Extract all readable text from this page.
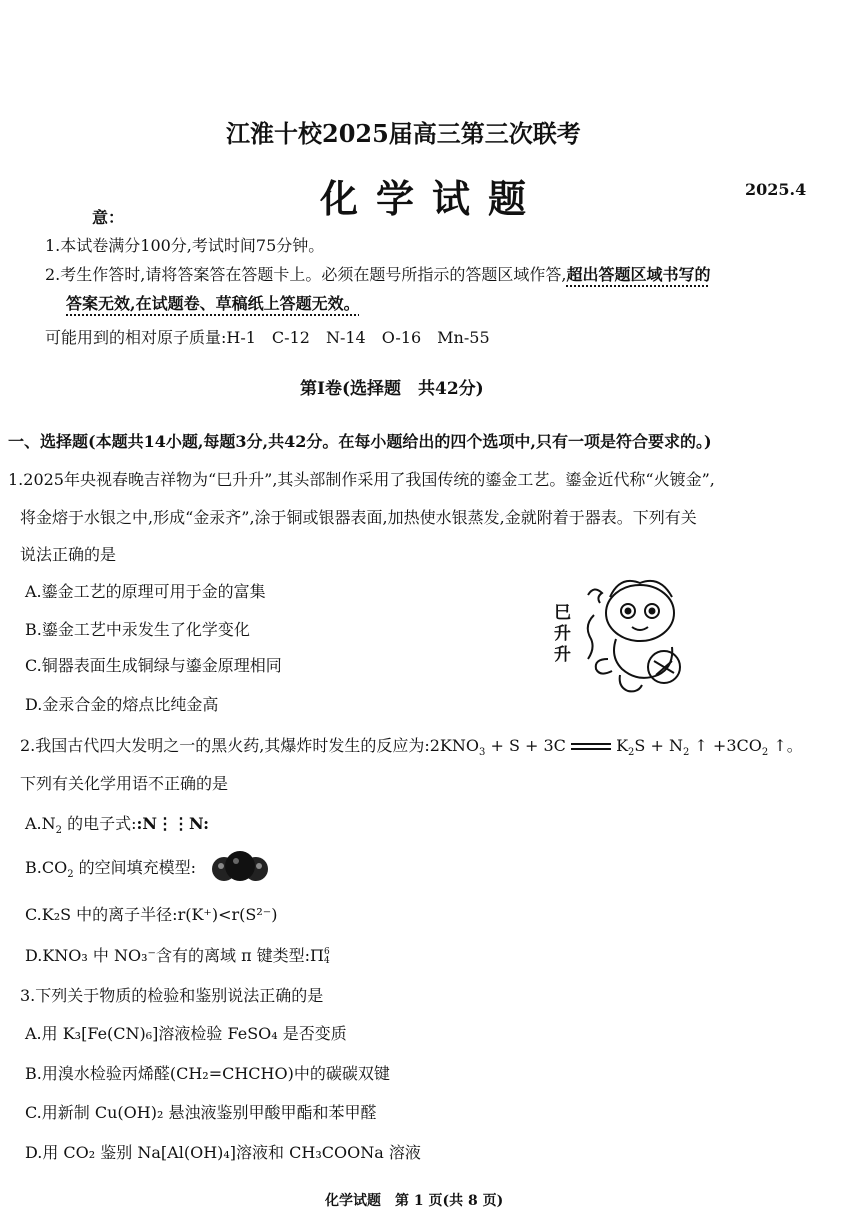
江淮十校2025届高三第三次联考
化学试题	2025.4
意：
1.本试卷满分100分,考试时间75分钟。
2.考生作答时,请将答案答在答题卡上。必须在题号所指示的答题区域作答,超出答题区域书写的
答案无效,在试题卷、草稿纸上答题无效。
可能用到的相对原子质量:H-1　C-12　N-14　O-16　Mn-55
第Ⅰ卷(选择题　共42分)
一、选择题(本题共14小题,每题3分,共42分。在每小题给出的四个选项中,只有一项是符合要求的。)
1.2025年央视春晚吉祥物为“巳升升”,其头部制作采用了我国传统的鎏金工艺。鎏金近代称“火镀金”,
将金熔于水银之中,形成“金汞齐”,涂于铜或银器表面,加热使水银蒸发,金就附着于器表。下列有关
说法正确的是
A.鎏金工艺的原理可用于金的富集
B.鎏金工艺中汞发生了化学变化
C.铜器表面生成铜绿与鎏金原理相同
D.金汞合金的熔点比纯金高
巳升升
2.我国古代四大发明之一的黑火药,其爆炸时发生的反应为$:2KNO_3 + S + 3C$	$K_2S + N_2$ ↑ $+3CO_2$ ↑。
下列有关化学用语不正确的是
$A.N_2$ 的电子式::N⋮⋮N:
$B.CO_2$ 的空间填充模型:
C.K₂S 中的离子半径:r(K⁺)<r(S²⁻)
D.KNO₃ 中 NO₃⁻含有的离域 π 键类型:Π6
4
3.下列关于物质的检验和鉴别说法正确的是
A.用 K₃[Fe(CN)₆]溶液检验 FeSO₄ 是否变质
B.用溴水检验丙烯醛(CH₂=CHCHO)中的碳碳双键
C.用新制 Cu(OH)₂ 悬浊液鉴别甲酸甲酯和苯甲醛
D.用 CO₂ 鉴别 Na[Al(OH)₄]溶液和 CH₃COONa 溶液
化学试题　第 1 页(共 8 页)
